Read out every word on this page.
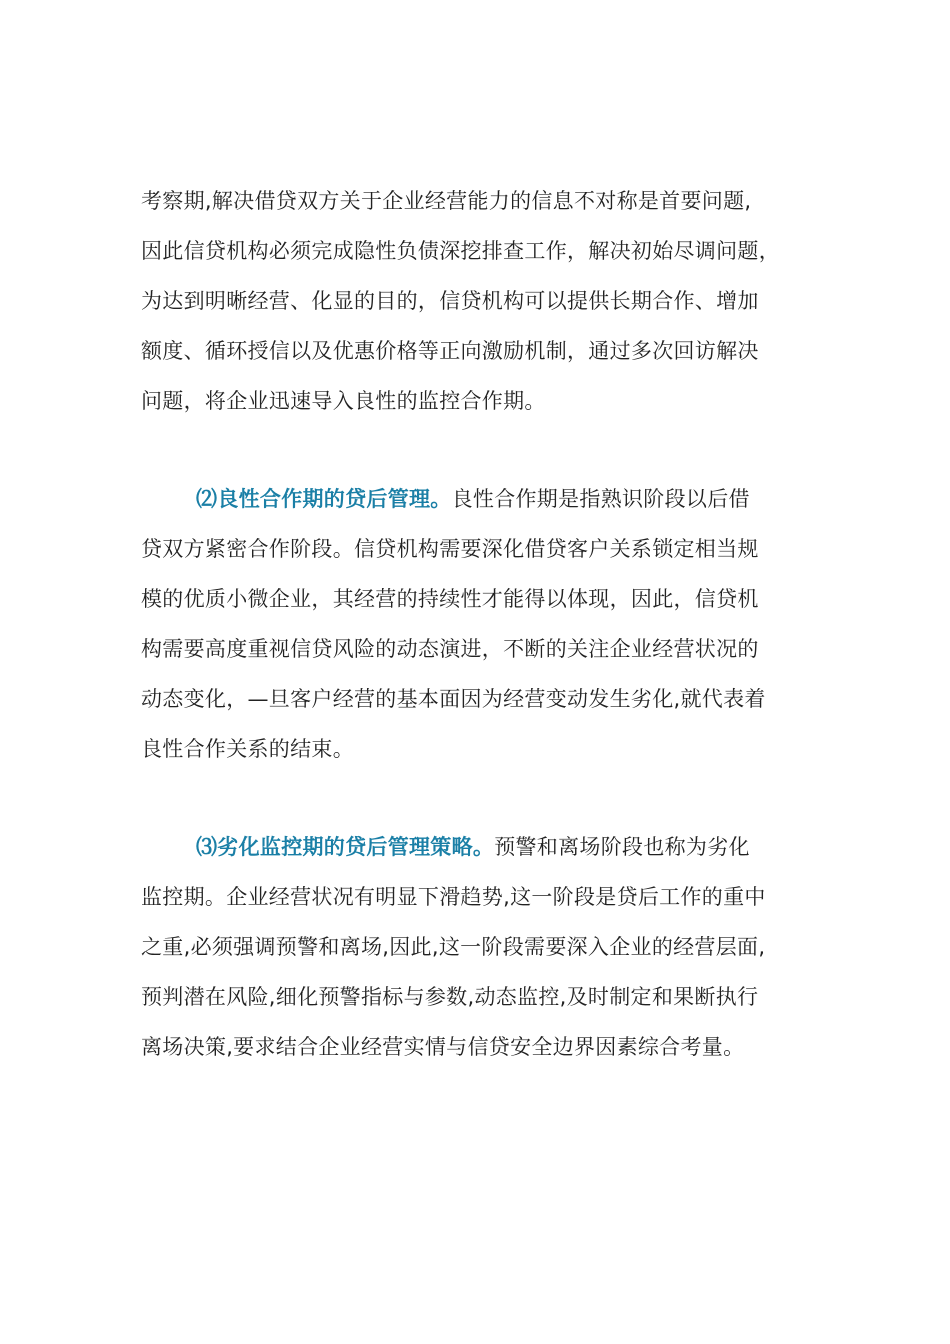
考察期,解决借贷双方关于企业经营能力的信息不对称是首要问题,
因此信贷机构必须完成隐性负债深挖排查工作，解决初始尽调问题，
为达到明晰经营、化显的目的，信贷机构可以提供长期合作、增加
额度、循环授信以及优惠价格等正向激励机制，通过多次回访解决
问题，将企业迅速导入良性的监控合作期。
⑵良性合作期的贷后管理。良性合作期是指熟识阶段以后借
贷双方紧密合作阶段。信贷机构需要深化借贷客户关系锁定相当规
模的优质小微企业，其经营的持续性才能得以体现，因此，信贷机
构需要高度重视信贷风险的动态演进，不断的关注企业经营状况的
动态变化，—旦客户经营的基本面因为经营变动发生劣化,就代表着
良性合作关系的结束。
⑶劣化监控期的贷后管理策略。预警和离场阶段也称为劣化
监控期。企业经营状况有明显下滑趋势,这一阶段是贷后工作的重中
之重,必须强调预警和离场,因此,这一阶段需要深入企业的经营层面,
预判潜在风险,细化预警指标与参数,动态监控,及时制定和果断执行
离场决策,要求结合企业经营实情与信贷安全边界因素综合考量。
